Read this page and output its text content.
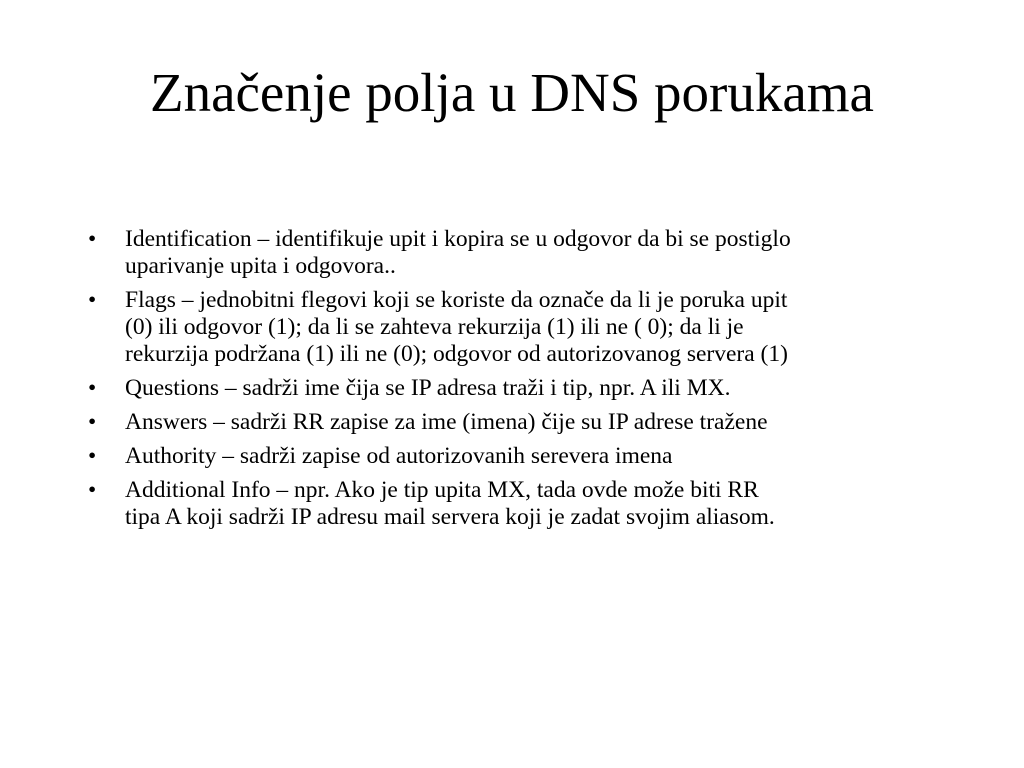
Značenje polja u DNS porukama
•	Identification – identifikuje upit i kopira se u odgovor da bi se postiglo
uparivanje upita i odgovora..
•	Flags – jednobitni flegovi koji se koriste da označe da li je poruka upit
(0) ili odgovor (1); da li se zahteva rekurzija (1) ili ne ( 0); da li je
rekurzija podržana (1) ili ne (0); odgovor od autorizovanog servera (1)
•	Questions – sadrži ime čija se IP adresa traži i tip, npr. A ili MX.
•	Answers – sadrži RR zapise za ime (imena) čije su IP adrese tražene
•	Authority – sadrži zapise od autorizovanih serevera imena
•	Additional Info – npr. Ako je tip upita MX, tada ovde može biti RR
tipa A koji sadrži IP adresu mail servera koji je zadat svojim aliasom.
